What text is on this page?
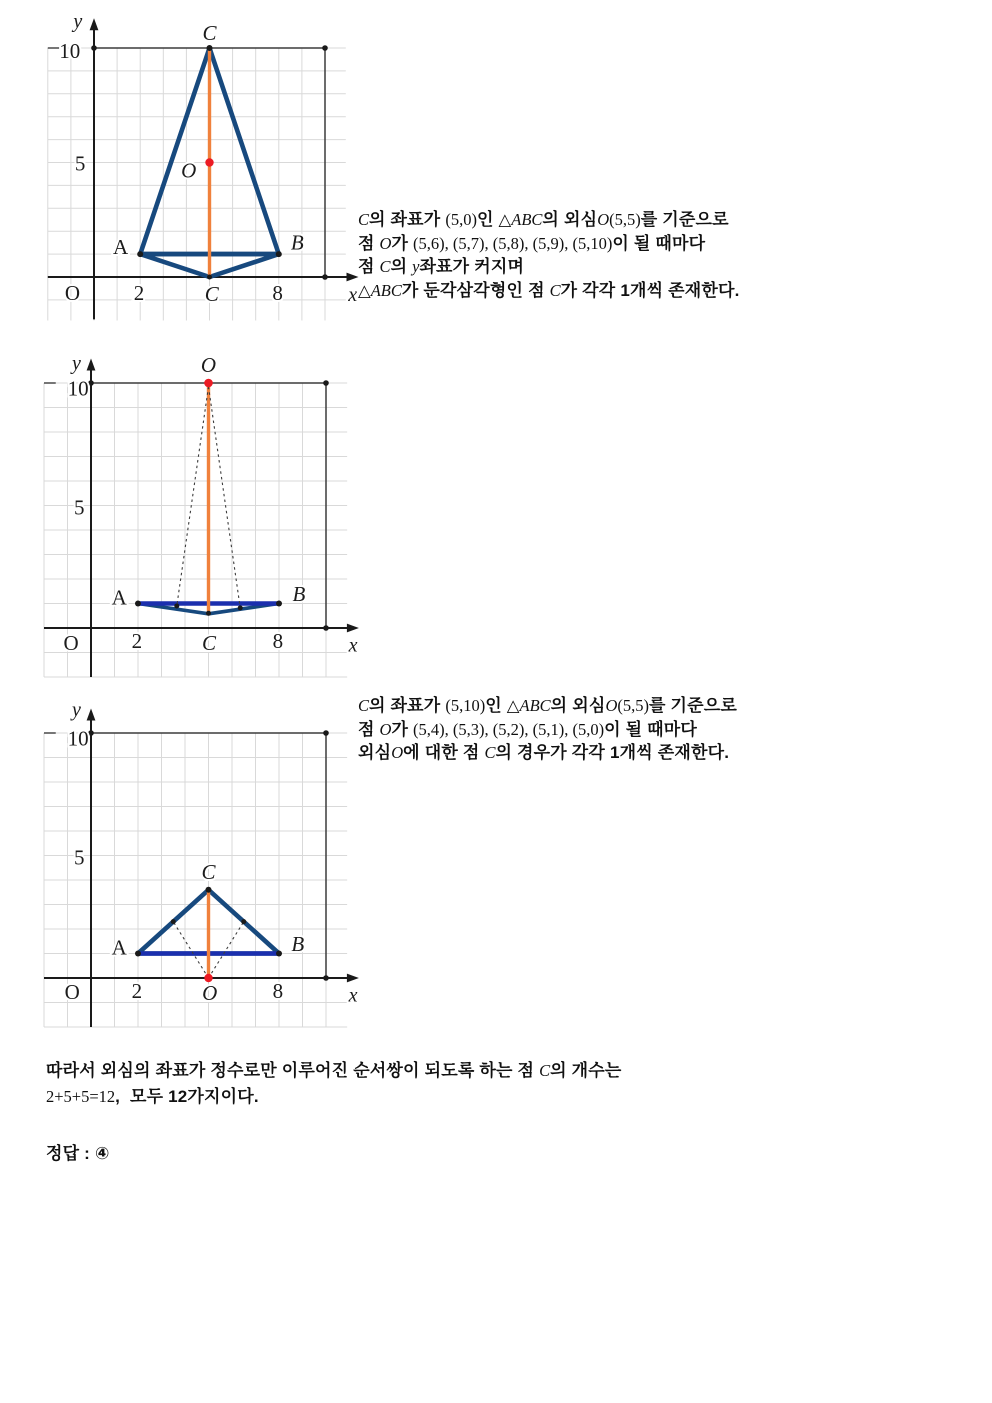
y	C
10
5	O
A	B
O	2	C	8	x
y	O
10
5
A	B
O	2	C	8	x
y
10
5
C
A	B
O 2	O	8	x
C의 좌표가 (5,0)인 △ABC의 외심O(5,5)를 기준으로
점 O가 (5,6), (5,7), (5,8), (5,9), (5,10)이 될 때마다
점 C의 y좌표가 커지며
△ABC가 둔각삼각형인 점 C가 각각 1개씩 존재한다.
C의 좌표가 (5,10)인 △ABC의 외심O(5,5)를 기준으로
점 O가 (5,4), (5,3), (5,2), (5,1), (5,0)이 될 때마다
외심O에 대한 점 C의 경우가 각각 1개씩 존재한다.
따라서 외심의 좌표가 정수로만 이루어진 순서쌍이 되도록 하는 점 C의 개수는
2+5+5=12,  모두 12가지이다.
정답 : ④
